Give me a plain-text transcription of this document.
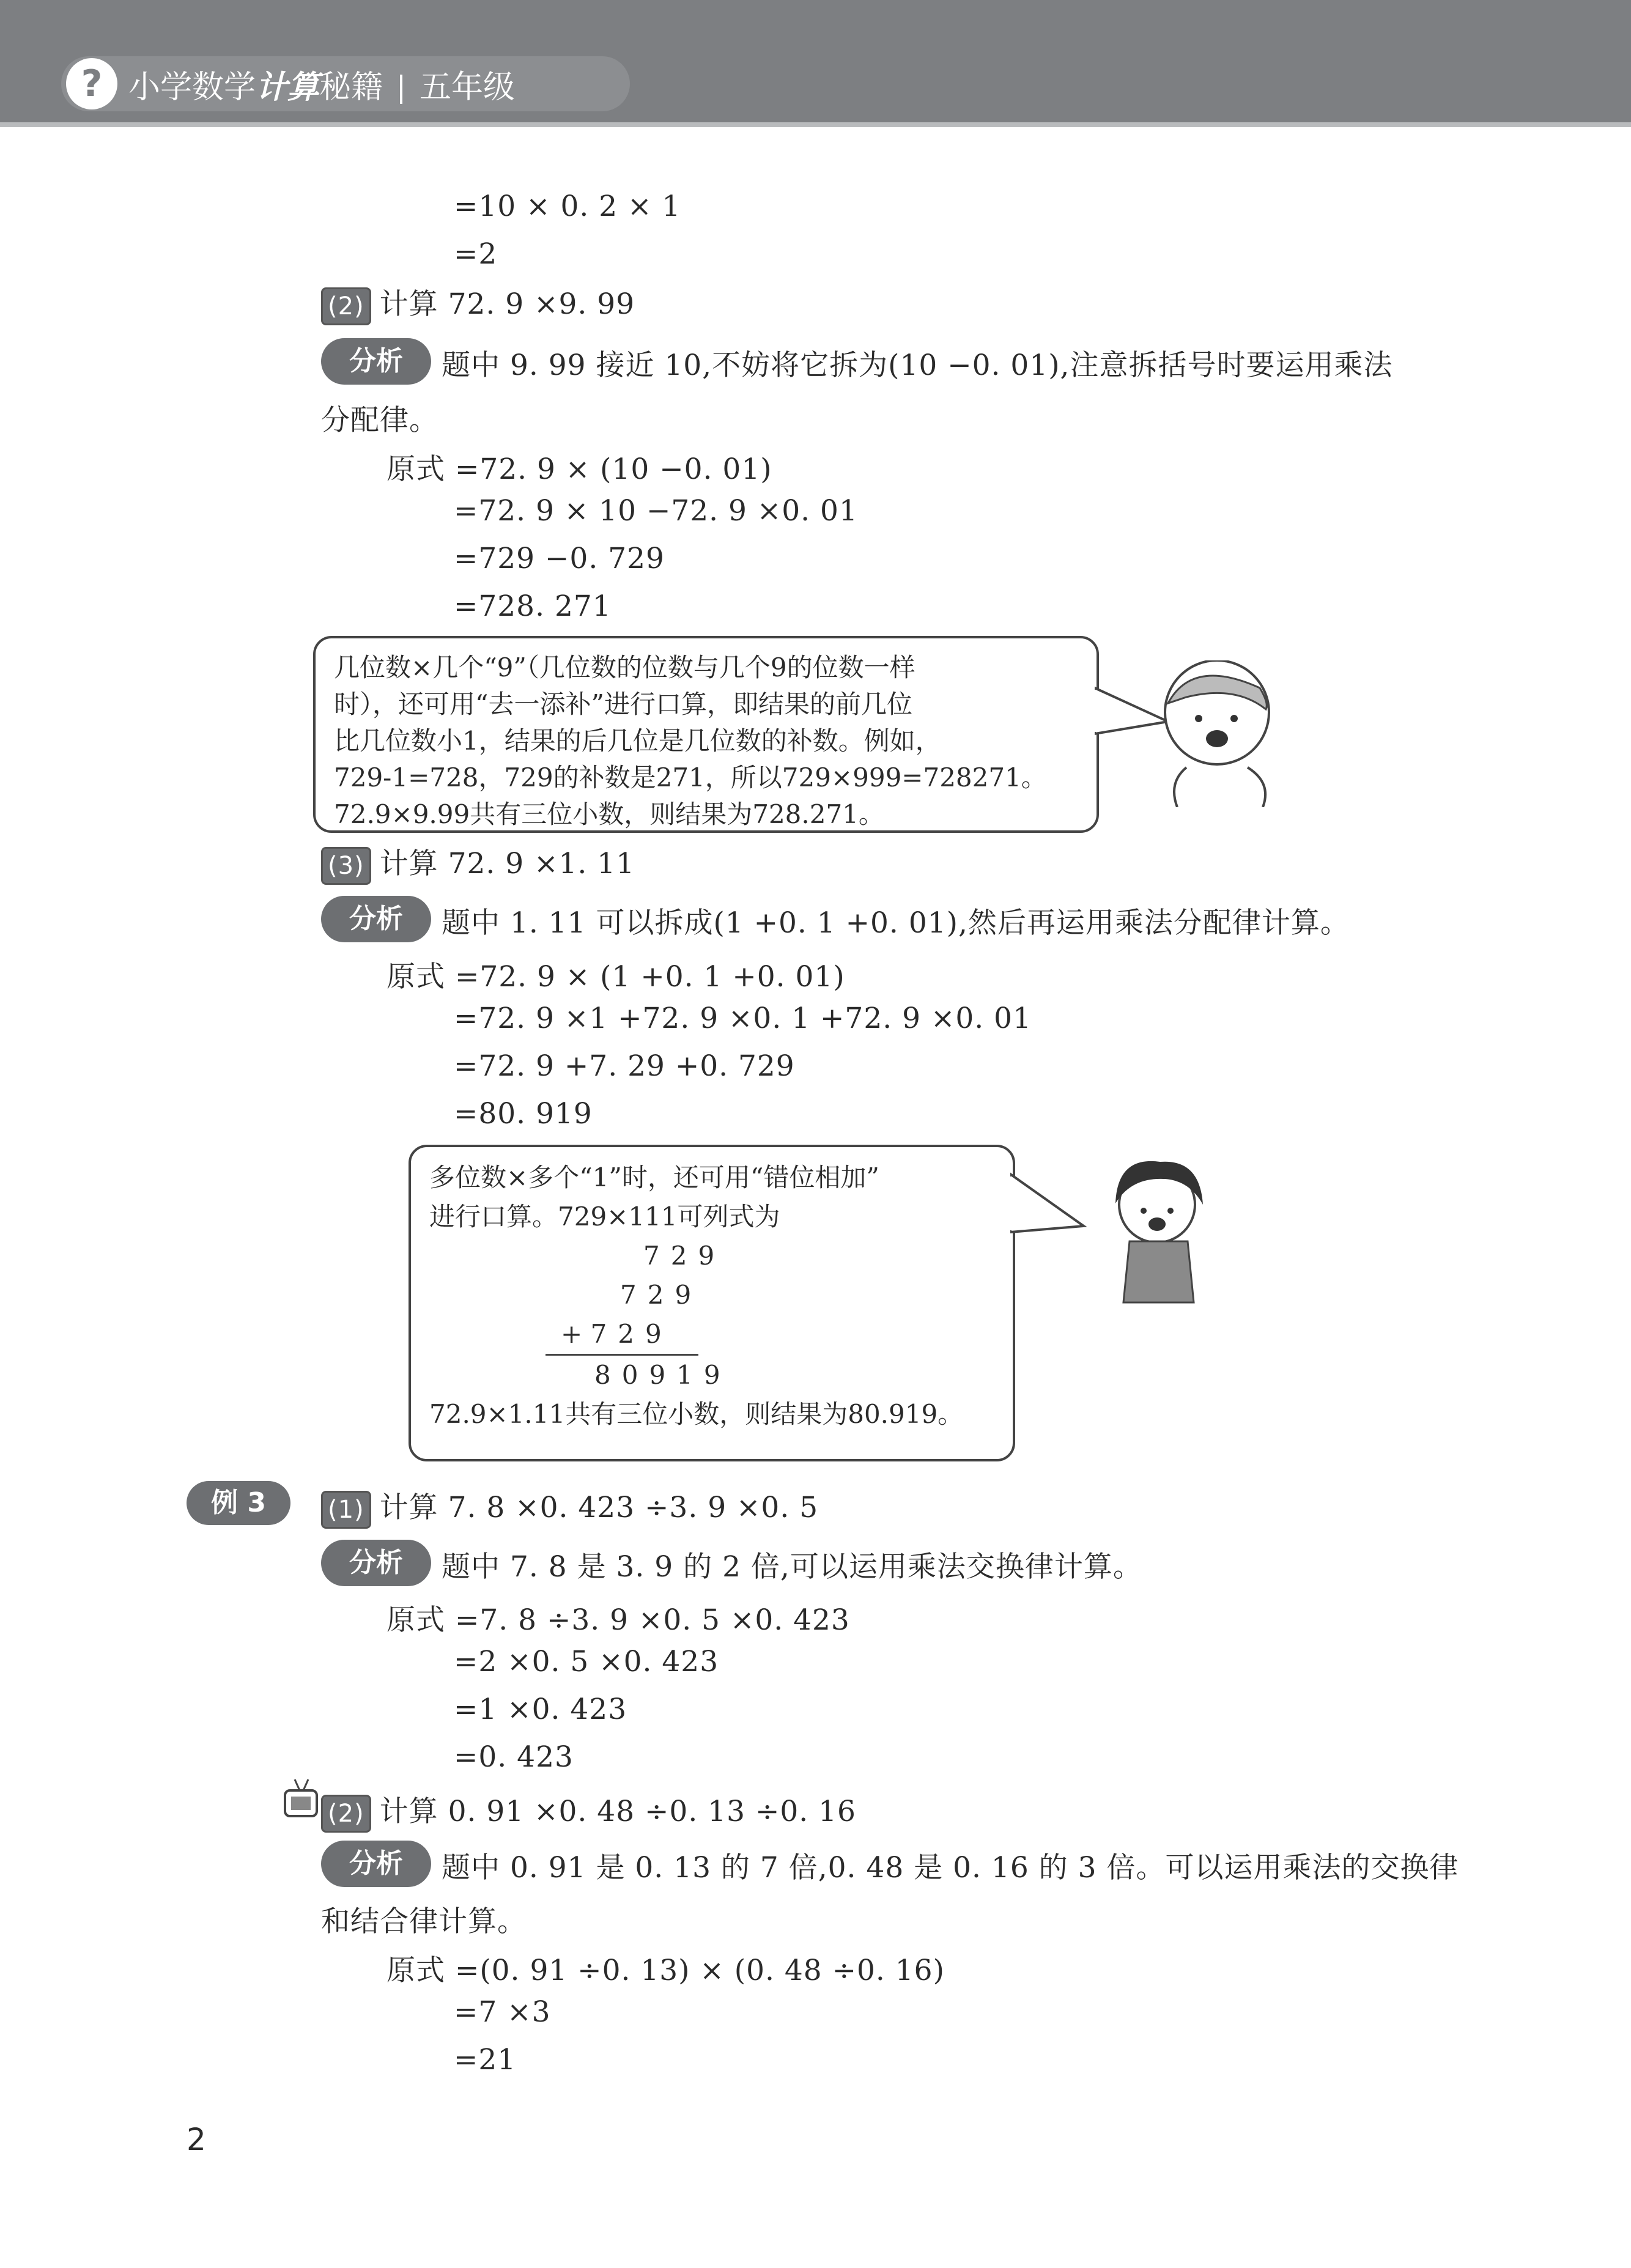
? 小学数学计算秘籍 五年级
=10 × 0. 2 × 1
=2
(2) 计算 72. 9 ×9. 99
分析	题中 9. 99 接近 10,不妨将它拆为(10 −0. 01),注意拆括号时要运用乘法
分配律。
原式 =72. 9 × (10 −0. 01)
=72. 9 × 10 −72. 9 ×0. 01
=729 −0. 729
=728. 271
几位数×几个“9”（几位数的位数与几个9的位数一样
时），还可用“去一添补”进行口算，即结果的前几位
比几位数小1，结果的后几位是几位数的补数。例如，
729-1=728，729的补数是271，所以729×999=728271。
72.9×9.99共有三位小数，则结果为728.271。
(3) 计算 72. 9 ×1. 11
分析	题中 1. 11 可以拆成(1 +0. 1 +0. 01),然后再运用乘法分配律计算。
原式 =72. 9 × (1 +0. 1 +0. 01)
=72. 9 ×1 +72. 9 ×0. 1 +72. 9 ×0. 01
=72. 9 +7. 29 +0. 729
=80. 919
多位数×多个“1”时，还可用“错位相加”
进行口算。729×111可列式为
729
729
+ 729
80919
72.9×1.11共有三位小数，则结果为80.919。
例 3	(1) 计算 7. 8 ×0. 423 ÷3. 9 ×0. 5
分析	题中 7. 8 是 3. 9 的 2 倍,可以运用乘法交换律计算。
原式 =7. 8 ÷3. 9 ×0. 5 ×0. 423
=2 ×0. 5 ×0. 423
=1 ×0. 423
=0. 423
(2) 计算 0. 91 ×0. 48 ÷0. 13 ÷0. 16
分析	题中 0. 91 是 0. 13 的 7 倍,0. 48 是 0. 16 的 3 倍。可以运用乘法的交换律
和结合律计算。
原式 =(0. 91 ÷0. 13) × (0. 48 ÷0. 16)
=7 ×3
=21
2
